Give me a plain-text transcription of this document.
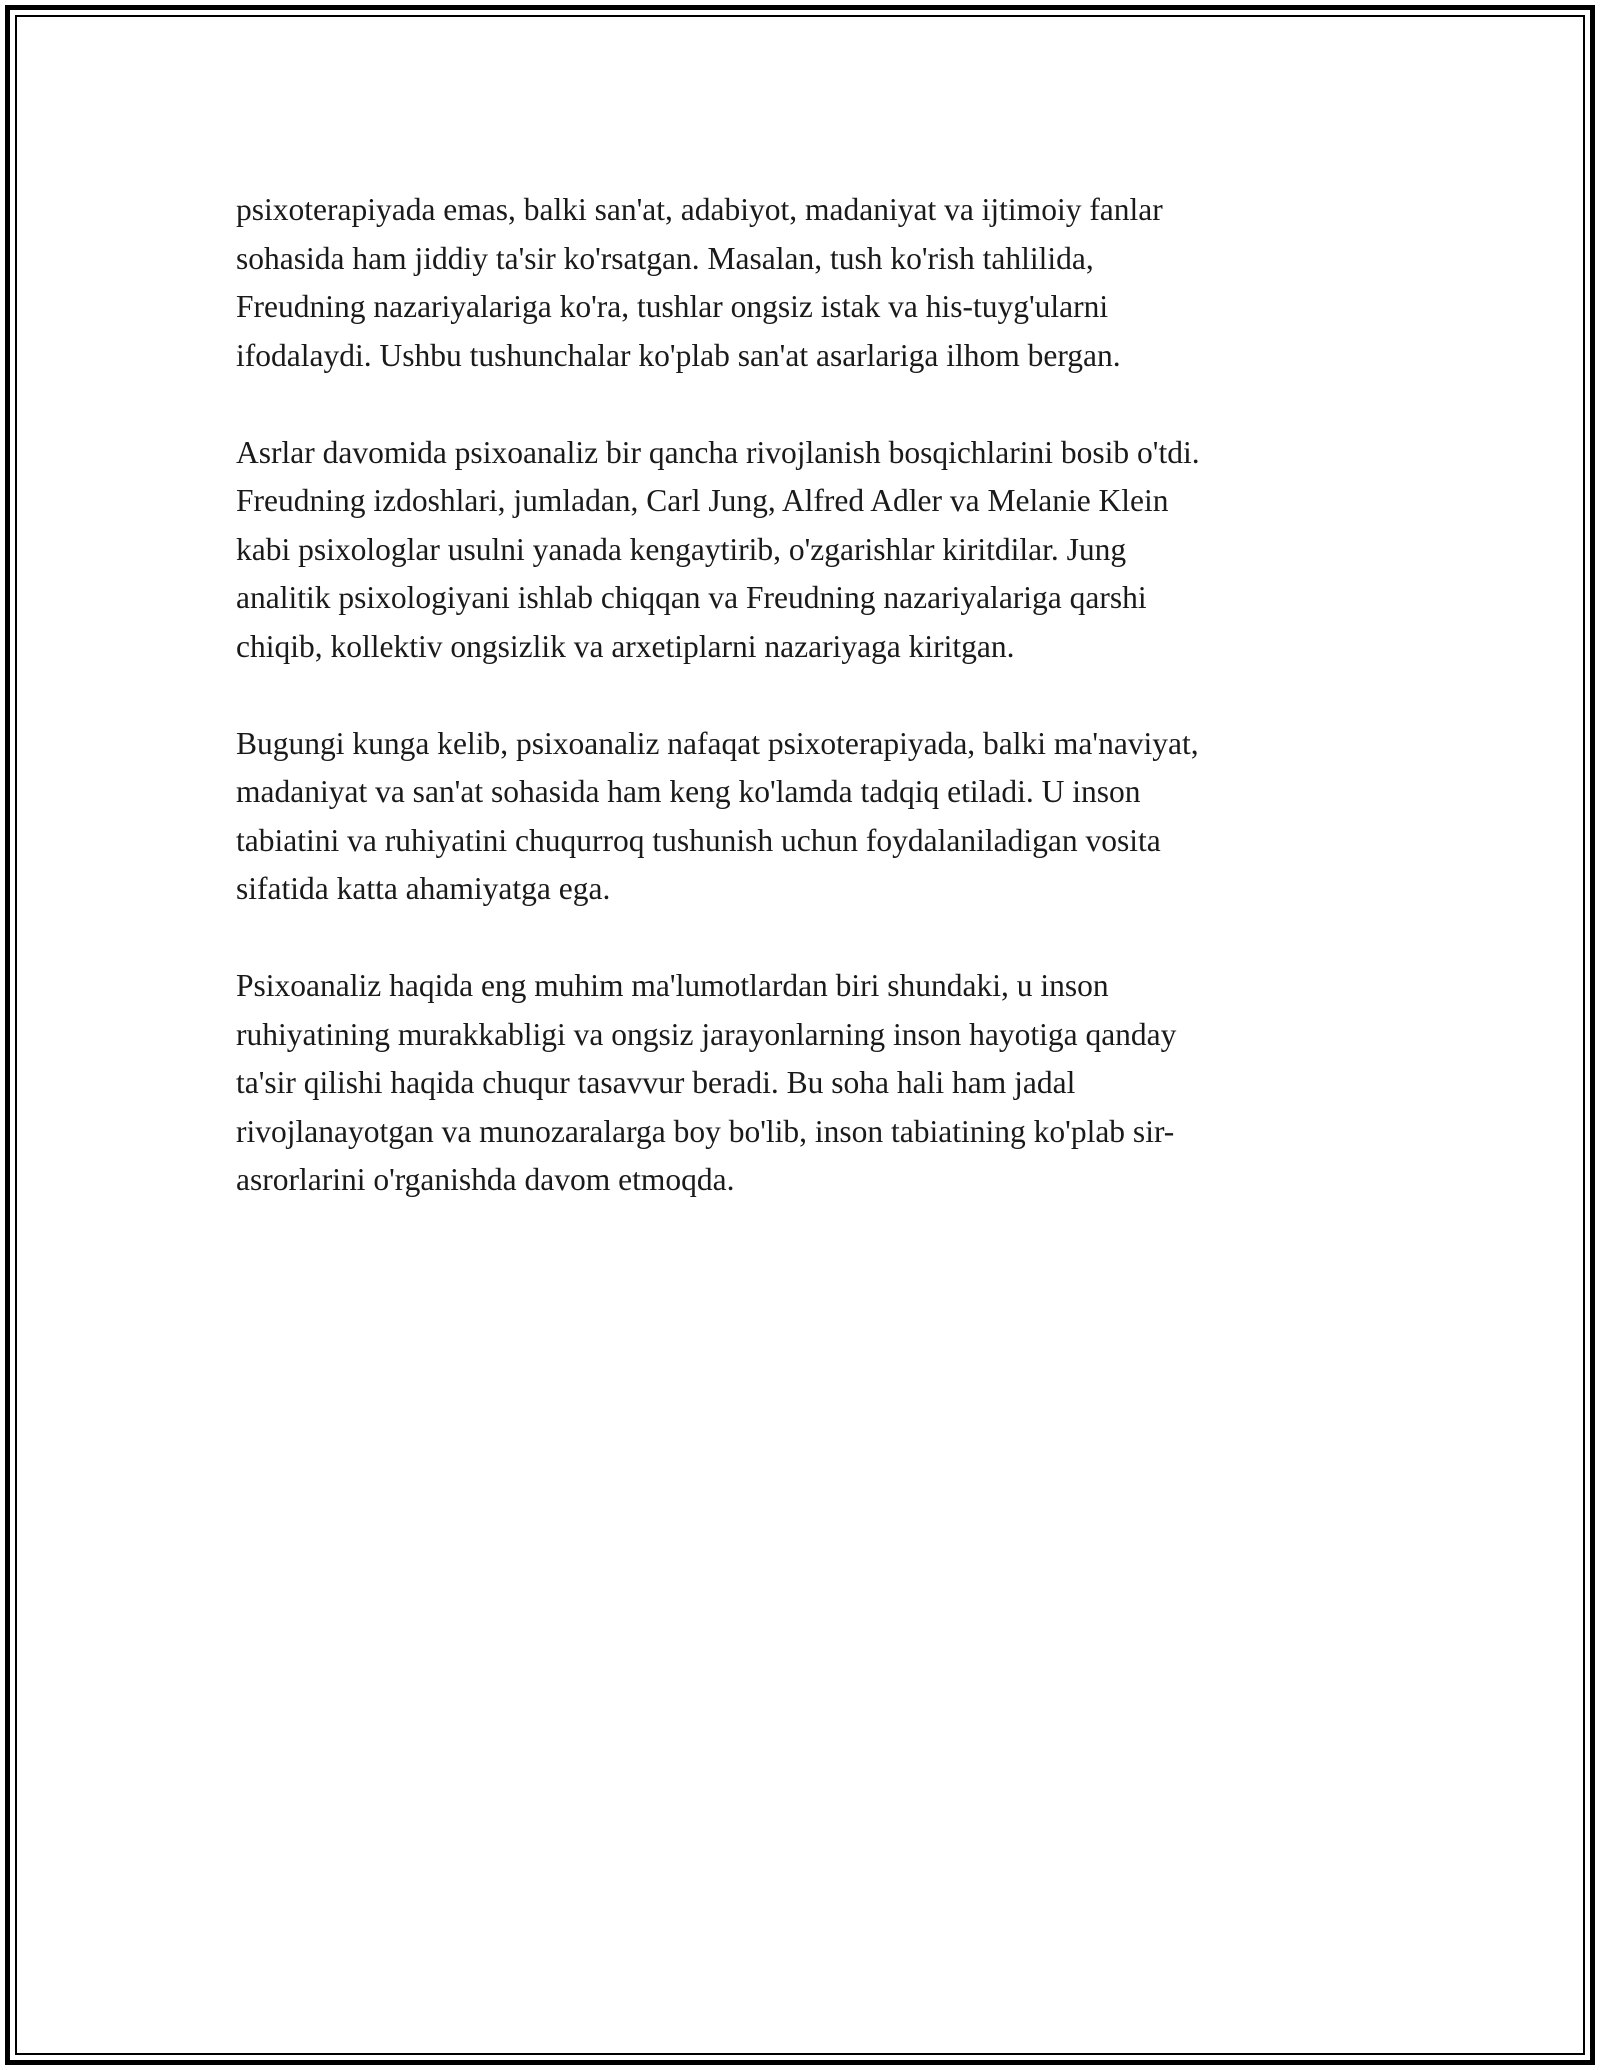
psixoterapiyada emas, balki san'at, adabiyot, madaniyat va ijtimoiy fanlar
sohasida ham jiddiy ta'sir ko'rsatgan. Masalan, tush ko'rish tahlilida,
Freudning nazariyalariga ko'ra, tushlar ongsiz istak va his-tuyg'ularni
ifodalaydi. Ushbu tushunchalar ko'plab san'at asarlariga ilhom bergan.

Asrlar davomida psixoanaliz bir qancha rivojlanish bosqichlarini bosib o'tdi.
Freudning izdoshlari, jumladan, Carl Jung, Alfred Adler va Melanie Klein
kabi psixologlar usulni yanada kengaytirib, o'zgarishlar kiritdilar. Jung
analitik psixologiyani ishlab chiqqan va Freudning nazariyalariga qarshi
chiqib, kollektiv ongsizlik va arxetiplarni nazariyaga kiritgan.

Bugungi kunga kelib, psixoanaliz nafaqat psixoterapiyada, balki ma'naviyat,
madaniyat va san'at sohasida ham keng ko'lamda tadqiq etiladi. U inson
tabiatini va ruhiyatini chuqurroq tushunish uchun foydalaniladigan vosita
sifatida katta ahamiyatga ega.

Psixoanaliz haqida eng muhim ma'lumotlardan biri shundaki, u inson
ruhiyatining murakkabligi va ongsiz jarayonlarning inson hayotiga qanday
ta'sir qilishi haqida chuqur tasavvur beradi. Bu soha hali ham jadal
rivojlanayotgan va munozaralarga boy bo'lib, inson tabiatining ko'plab sir-
asrorlarini o'rganishda davom etmoqda.
